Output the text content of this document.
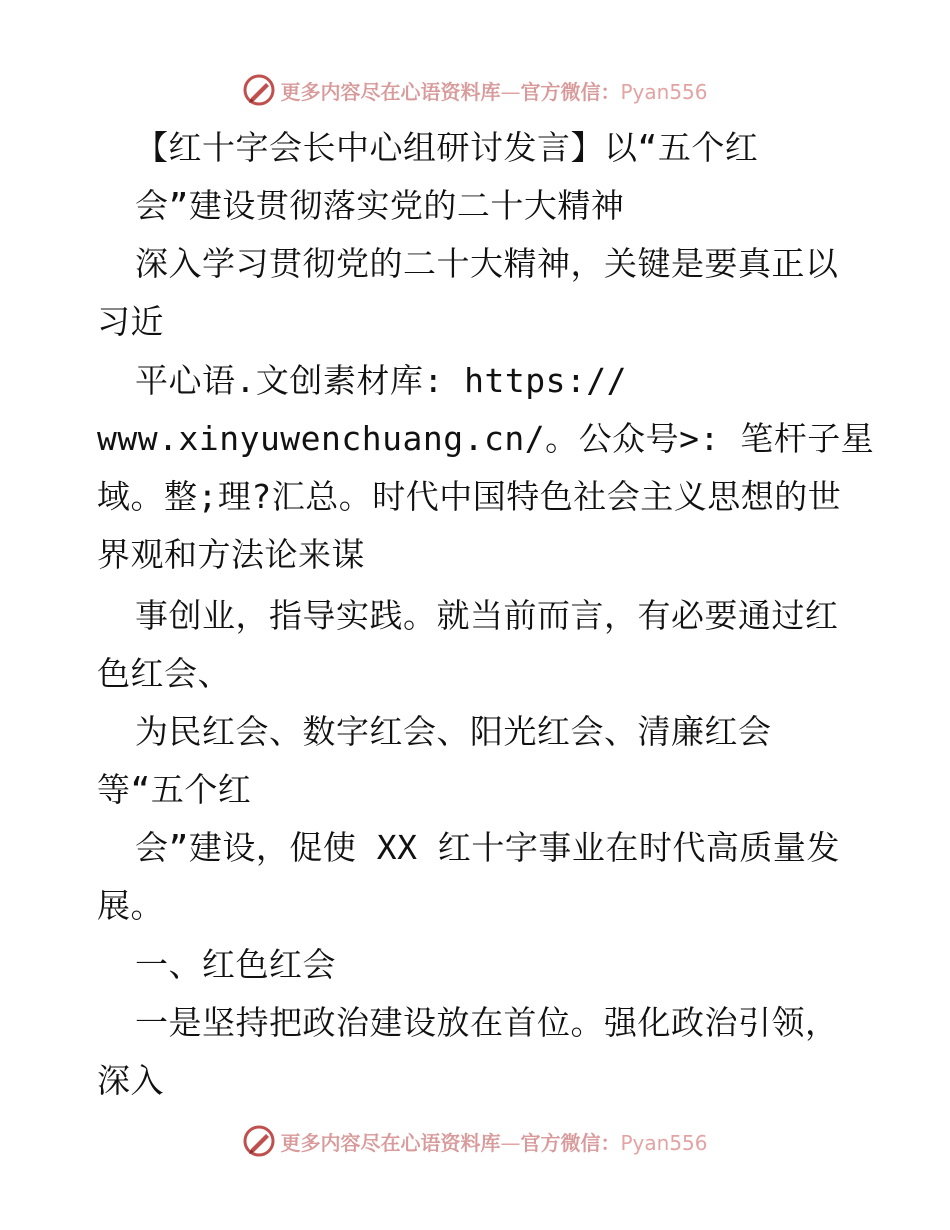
更多内容尽在心语资料库—官方微信：Pyan556
【红十字会长中心组研讨发言】以“五个红
会”建设贯彻落实党的二十大精神
深入学习贯彻党的二十大精神，关键是要真正以
习近
平心语.文创素材库: https://
www.xinyuwenchuang.cn/。公众号>: 笔杆子星
域。整;理?汇总。时代中国特色社会主义思想的世
界观和方法论来谋
事创业，指导实践。就当前而言，有必要通过红
色红会、
为民红会、数字红会、阳光红会、清廉红会
等“五个红
会”建设，促使 XX 红十字事业在时代高质量发
展。
一、红色红会
一是坚持把政治建设放在首位。强化政治引领，
深入
更多内容尽在心语资料库—官方微信：Pyan556
